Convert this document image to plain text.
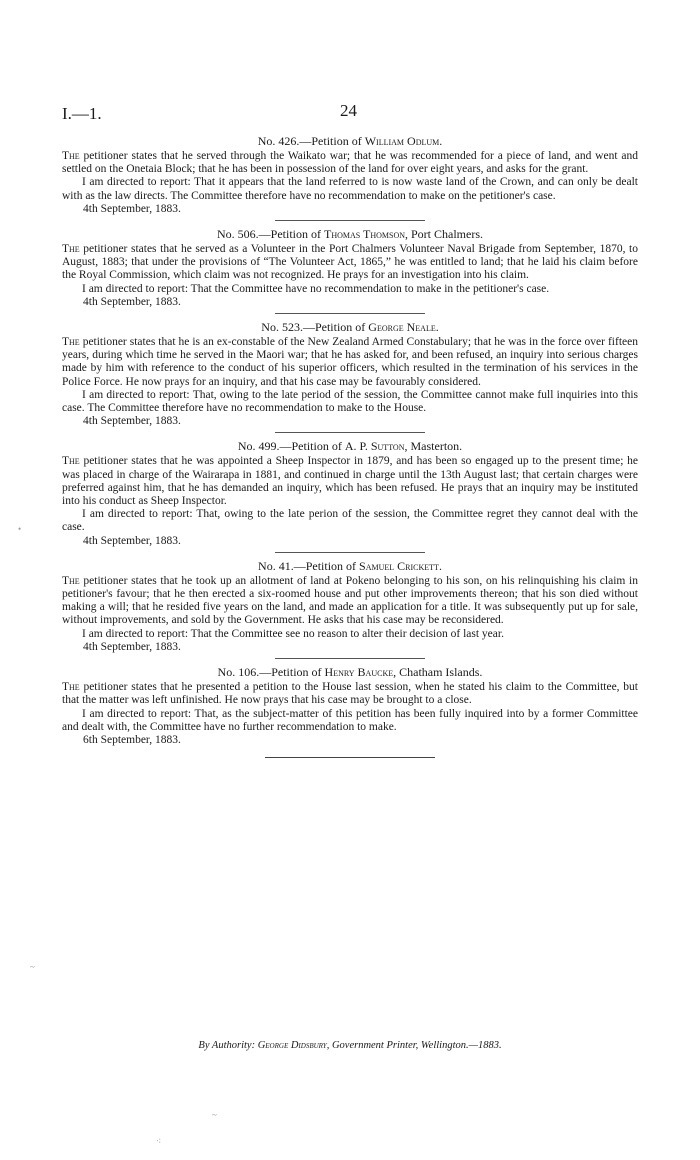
I.—1.	24
No. 426.—Petition of William Odlum.

The petitioner states that he served through the Waikato war; that he was recommended for a piece of land, and went and settled on the Onetaia Block; that he has been in possession of the land for over eight years, and asks for the grant.

I am directed to report: That it appears that the land referred to is now waste land of the Crown, and can only be dealt with as the law directs. The Committee therefore have no recommendation to make on the petitioner's case.

4th September, 1883.
No. 506.—Petition of Thomas Thomson, Port Chalmers.

The petitioner states that he served as a Volunteer in the Port Chalmers Volunteer Naval Brigade from September, 1870, to August, 1883; that under the provisions of “The Volunteer Act, 1865,” he was entitled to land; that he laid his claim before the Royal Commission, which claim was not recognized. He prays for an investigation into his claim.

I am directed to report: That the Committee have no recommendation to make in the petitioner's case.

4th September, 1883.
No. 523.—Petition of George Neale.

The petitioner states that he is an ex-constable of the New Zealand Armed Constabulary; that he was in the force over fifteen years, during which time he served in the Maori war; that he has asked for, and been refused, an inquiry into serious charges made by him with reference to the conduct of his superior officers, which resulted in the termination of his services in the Police Force. He now prays for an inquiry, and that his case may be favourably considered.

I am directed to report: That, owing to the late period of the session, the Committee cannot make full inquiries into this case. The Committee therefore have no recommendation to make to the House.

4th September, 1883.
No. 499.—Petition of A. P. Sutton, Masterton.

The petitioner states that he was appointed a Sheep Inspector in 1879, and has been so engaged up to the present time; he was placed in charge of the Wairarapa in 1881, and continued in charge until the 13th August last; that certain charges were preferred against him, that he has demanded an inquiry, which has been refused. He prays that an inquiry may be instituted into his conduct as Sheep Inspector.

I am directed to report: That, owing to the late perion of the session, the Committee regret they cannot deal with the case.

4th September, 1883.
No. 41.—Petition of Samuel Crickett.

The petitioner states that he took up an allotment of land at Pokeno belonging to his son, on his relinquishing his claim in petitioner's favour; that he then erected a six-roomed house and put other improvements thereon; that his son died without making a will; that he resided five years on the land, and made an application for a title. It was subsequently put up for sale, without improvements, and sold by the Government. He asks that his case may be reconsidered.

I am directed to report: That the Committee see no reason to alter their decision of last year.

4th September, 1883.
No. 106.—Petition of Henry Baucke, Chatham Islands.

The petitioner states that he presented a petition to the House last session, when he stated his claim to the Committee, but that the matter was left unfinished. He now prays that his case may be brought to a close.

I am directed to report: That, as the subject-matter of this petition has been fully inquired into by a former Committee and dealt with, the Committee have no further recommendation to make.

6th September, 1883.
By Authority: George Didsbury, Government Printer, Wellington.—1883.
•
~
⁖
~
